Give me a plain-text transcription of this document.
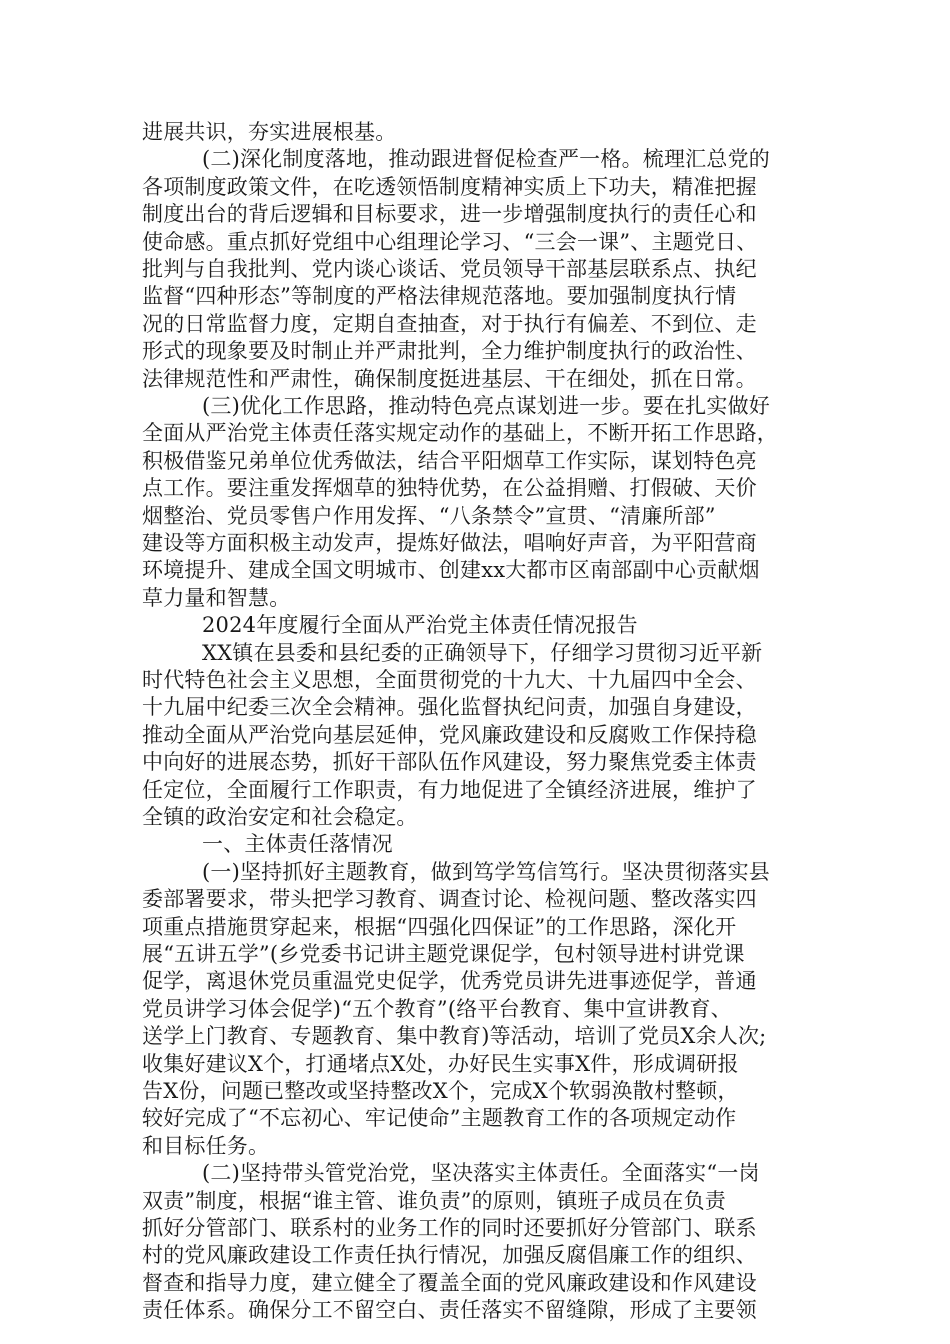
进展共识，夯实进展根基。
(二)深化制度落地，推动跟进督促检查严一格。梳理汇总党的
各项制度政策文件，在吃透领悟制度精神实质上下功夫，精准把握
制度出台的背后逻辑和目标要求，进一步增强制度执行的责任心和
使命感。重点抓好党组中心组理论学习、“三会一课”、主题党日、
批判与自我批判、党内谈心谈话、党员领导干部基层联系点、执纪
监督“四种形态”等制度的严格法律规范落地。要加强制度执行情
况的日常监督力度，定期自查抽查，对于执行有偏差、不到位、走
形式的现象要及时制止并严肃批判，全力维护制度执行的政治性、
法律规范性和严肃性，确保制度挺进基层、干在细处，抓在日常。
(三)优化工作思路，推动特色亮点谋划进一步。要在扎实做好
全面从严治党主体责任落实规定动作的基础上，不断开拓工作思路，
积极借鉴兄弟单位优秀做法，结合平阳烟草工作实际，谋划特色亮
点工作。要注重发挥烟草的独特优势，在公益捐赠、打假破、天价
烟整治、党员零售户作用发挥、“八条禁令”宣贯、“清廉所部”
建设等方面积极主动发声，提炼好做法，唱响好声音，为平阳营商
环境提升、建成全国文明城市、创建xx大都市区南部副中心贡献烟
草力量和智慧。
2024年度履行全面从严治党主体责任情况报告
XX镇在县委和县纪委的正确领导下，仔细学习贯彻习近平新
时代特色社会主义思想，全面贯彻党的十九大、十九届四中全会、
十九届中纪委三次全会精神。强化监督执纪问责，加强自身建设，
推动全面从严治党向基层延伸，党风廉政建设和反腐败工作保持稳
中向好的进展态势，抓好干部队伍作风建设，努力聚焦党委主体责
任定位，全面履行工作职责，有力地促进了全镇经济进展，维护了
全镇的政治安定和社会稳定。
一、主体责任落情况
(一)坚持抓好主题教育，做到笃学笃信笃行。坚决贯彻落实县
委部署要求，带头把学习教育、调查讨论、检视问题、整改落实四
项重点措施贯穿起来，根据“四强化四保证”的工作思路，深化开
展“五讲五学”(乡党委书记讲主题党课促学，包村领导进村讲党课
促学，离退休党员重温党史促学，优秀党员讲先进事迹促学，普通
党员讲学习体会促学)“五个教育”(络平台教育、集中宣讲教育、
送学上门教育、专题教育、集中教育)等活动，培训了党员X余人次;
收集好建议X个，打通堵点X处，办好民生实事X件，形成调研报
告X份，问题已整改或坚持整改X个，完成X个软弱涣散村整顿，
较好完成了“不忘初心、牢记使命”主题教育工作的各项规定动作
和目标任务。
(二)坚持带头管党治党，坚决落实主体责任。全面落实“一岗
双责”制度，根据“谁主管、谁负责”的原则，镇班子成员在负责
抓好分管部门、联系村的业务工作的同时还要抓好分管部门、联系
村的党风廉政建设工作责任执行情况，加强反腐倡廉工作的组织、
督查和指导力度，建立健全了覆盖全面的党风廉政建设和作风建设
责任体系。确保分工不留空白、责任落实不留缝隙，形成了主要领
